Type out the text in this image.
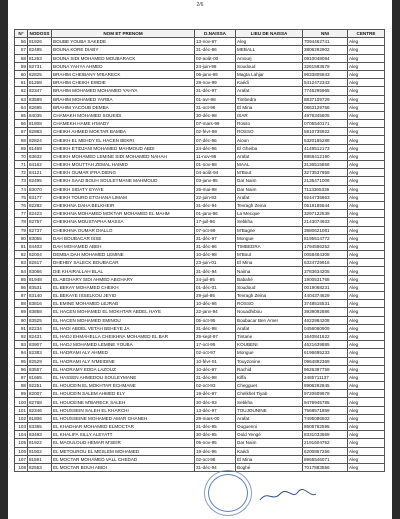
2/6
N°	NODOSS	NOM ET PRENOM	D.NAISSA	LIEU DE NAISSA	NNI	CENTRE
56	81926	BOUBE YOUBA SAKEDE	13-nov-97	Aleg	7094462741	Aleg
57	82485	BOUNA KORE DIABY	31-déc-96	MEBALL	3806292902	Aleg
58	81263	BOUNA SIDI MOHAMED MOUBARACK	02-août-00	Amourj	0910048084	Aleg
59	82731	BOUNA YAHYA AHMED	24-juin-98	Soudoud	3261583679	Aleg
60	82825	BRAHIM CHEIBANY M'BARECK	06-janv-99	Magta Lahjar	9633805843	Aleg
61	81268	BRAHIM CHEIKH EWDIE	28-nov-99	Kaédi	5412472343	Aleg
62	82347	BRAHIM MOHAMED MOHAMED YAHYA	31-déc-97	Arafat	7745295965	Aleg
63	83589	BRAHIM MOHAMED YARBA	01-avr-98	Timbedra	8837109729	Aleg
64	82695	BRAHIM YACOUB DEMBA	31-oct-96	El Mina	0863129766	Aleg
65	84035	CHAMAKH MOHAMED SOUEIDI	30-déc-98	ISAR	4976345605	Aleg
66	81808	CHAMEKH HAME H'MADY	07-mars-99	Rosso	0705540171	Aleg
67	82863	CHEIKH AHMED MOKTAR BAMBA	02-févr-99	ROSSO	5910735922	Aleg
68	82824	CHEIKH EL MEHDY EL HACEN BEKRI	07-déc-96	Aioun	5320185288	Aleg
69	81469	CHEIKH ETIDJANI MOHAMED MAHMOUD ABDI	24-déc-96	El Gheiba	4149512173	Aleg
70	83632	CHEIKH MOHAMED LEMINE SIDI MOHAMED NAHAH	11-nov-96	Arafat	8858412190	Aleg
71	84162	CHEIKH MOUTTAH ZEMAL HAIMID	01-nov-98	MAAL	3136515856	Aleg
72	84121	CHEIKH OUMAR IFRA DIENG	04-août-94	M'Bout	3273537959	Aleg
73	82495	CHEIKH SAAD BOUH SOULEYMANE MAHMOUD	03-janv-95	Dar Naim	2135471006	Aleg
74	83070	CHEIKH SIDATY EYAYE	25-mai-98	Dar Naim	7113365336	Aleg
75	83177	CHEIKH TOURD ETGHANA LIMAM	22-juin-93	Arafat	9244735863	Aleg
76	82282	CHEIKHNA DAHA BELKHEIR	31-déc-94	Tevragh Zeina	0518185544	Aleg
77	82423	CHEIKHNA MOHAMED MOKTAR MOHAMED EL MAHM	01-janv-96	La Mecque	3297122539	Aleg
78	82757	CHEIKHNA MOUSTAPHA MASSA	17-juil-96	Sebkha	2143074933	Aleg
79	82737	CHEIKHNA OUMAR DIALLO	07-oct-99	M'Bagne	3980621081	Aleg
80	83055	DAH BOUBACAR ISSE	31-déc-97	Mongue	8195514772	Aleg
81	84403	DAH MOHAMED ABEH	31-déc-96	TIMBEDRA	1794566252	Aleg
82	82004	DEMBA DAH MOHAMED LEMINE	10-déc-98	M'Bout	0058484308	Aleg
83	82517	DHEHBY SALECK BOUBACAR	23-juin-01	El Mina	6324729916	Aleg
84	83066	DIE KHAIRALLAH BLAL	31-déc-94	Naima	3783634205	Aleg
85	81948	EL ABGHARY SIDI AHMED ABGHARY	24-juil-95	Babahé	1900531768	Aleg
86	83531	EL BEKAY MOHAMED CHEIKH	01-déc-01	Soudoud	0019068231	Aleg
87	83140	EL BEKAYE ISSELKOU JEYID	29-juil-95	Tevragh Zeina	4404374629	Aleg
88	83816	EL EMINE MOHAMED LEJRAB	10-déc-96	ROSSO	3748515531	Aleg
89	83858	EL HACEN MOHAMED EL MOKHTAR ABDEL HAYE	22-janv-94	Nouadhibou	3939092886	Aleg
90	83525	EL HACEN MOHAMED EMINOU	05-oct-95	Boubacar Ben Amer	4622984208	Aleg
91	82234	EL HADI ABDEL VETAH BEHEYE JA	31-déc-98	Arafat	0456060909	Aleg
92	82431	EL HADJ EHMAHELLA CHEIKHNA MOHAMED EL BAR	25-sept-97	Tintane	1640841622	Aleg
93	83907	EL HADJ MOHAMED LEMINE YOUBA	17-oct-95	KOUBENI	4621639885	Aleg
94	82383	EL HADRAMI ALY AHMED	02-oct-97	Mongue	6196695233	Aleg
95	82529	EL HADRAMI ALY N'MEIDINE	10-févr-01	Touyzonine	0964892369	Aleg
96	83557	EL HADRAMY EDDA LAZOUZ	10-déc-97	Rachid	9626397759	Aleg
97	81665	EL HASSEN AHMEDOU SOULEYMANE	31-déc-98	Kiffa	2485711137	Aleg
98	82251	EL HOUCEIN EL MOKHTAR ECHMANE	02-oct-93	Chegguet	8906292845	Aleg
99	82007	EL HOUCEIN SALEM AHMED ELY	19-déc-97	Chelkhet Tiyab	9720609979	Aleg
100	82768	EL HOUCEINE M'BARECK SALEH	30-déc-93	Sebkha	9476945785	Aleg
101	82346	EL HOUSSEIN SALEH EL KHARCHI	13-déc-97	TOUJOUNINE	7568571859	Aleg
102	81806	EL HOUSSEINE MOHAMED AMAR GHANEH	29-mars-00	Arafat	7495086502	Aleg
103	83365	EL KHADHAR MOHAMED ELMOCTAR	31-déc-95	Ouguenni	8605762595	Aleg
104	83493	EL KHALIFA SILLY ALEYATT	30-déc-95	Ould Yengé	8331033569	Aleg
105	81922	EL MAOULOUD HEMAR M'SEIR	05-nov-95	Dar Naim	2191604752	Aleg
106	81502	EL METOUROU EL MESLEM MOHAMED	19-déc-96	Kaédi	6200857256	Aleg
107	81591	EL MOCTAR MOHAMED VALL CHEDAD	02-oct-98	El Mina	8965546071	Aleg
108	82553	EL MOCTAR BOUH ABIDI	31-déc-94	Boghé	7017883556	Aleg
